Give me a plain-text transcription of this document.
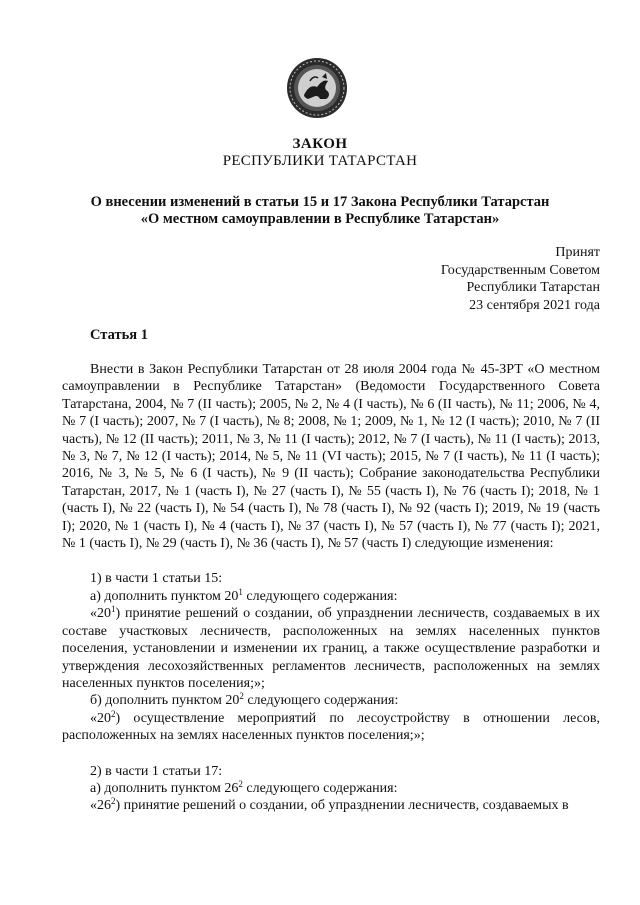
ЗАКОН
РЕСПУБЛИКИ ТАТАРСТАН
О внесении изменений в статьи 15 и 17 Закона Республики Татарстан
«О местном самоуправлении в Республике Татарстан»
Принят
Государственным Советом
Республики Татарстан
23 сентября 2021 года
Статья 1

Внести в Закон Республики Татарстан от 28 июля 2004 года № 45-ЗРТ «О местном самоуправлении в Республике Татарстан» (Ведомости Государственного Совета Татарстана, 2004, № 7 (II часть); 2005, № 2, № 4 (I часть), № 6 (II часть), № 11; 2006, № 4, № 7 (I часть); 2007, № 7 (I часть), № 8; 2008, № 1; 2009, № 1, № 12 (I часть); 2010, № 7 (II часть), № 12 (II часть); 2011, № 3, № 11 (I часть); 2012, № 7 (I часть), № 11 (I часть); 2013, № 3, № 7, № 12 (I часть); 2014, № 5, № 11 (VI часть); 2015, № 7 (I часть), № 11 (I часть); 2016, № 3, № 5, № 6 (I часть), № 9 (II часть); Собрание законодательства Республики Татарстан, 2017, № 1 (часть I), № 27 (часть I), № 55 (часть I), № 76 (часть I); 2018, № 1 (часть I), № 22 (часть I), № 54 (часть I), № 78 (часть I), № 92 (часть I); 2019, № 19 (часть I); 2020, № 1 (часть I), № 4 (часть I), № 37 (часть I), № 57 (часть I), № 77 (часть I); 2021, № 1 (часть I), № 29 (часть I), № 36 (часть I), № 57 (часть I) следующие изменения:

1) в части 1 статьи 15:

а) дополнить пунктом $20^1$ следующего содержания:

«$20^1$) принятие решений о создании, об упразднении лесничеств, создаваемых в их составе участковых лесничеств, расположенных на землях населенных пунктов поселения, установлении и изменении их границ, а также осуществление разработки и утверждения лесохозяйственных регламентов лесничеств, расположенных на землях населенных пунктов поселения;»;

б) дополнить пунктом $20^2$ следующего содержания:

«$20^2$) осуществление мероприятий по лесоустройству в отношении лесов, расположенных на землях населенных пунктов поселения;»;

2) в части 1 статьи 17:

а) дополнить пунктом $26^2$ следующего содержания:

«$26^2$) принятие решений о создании, об упразднении лесничеств, создаваемых в
